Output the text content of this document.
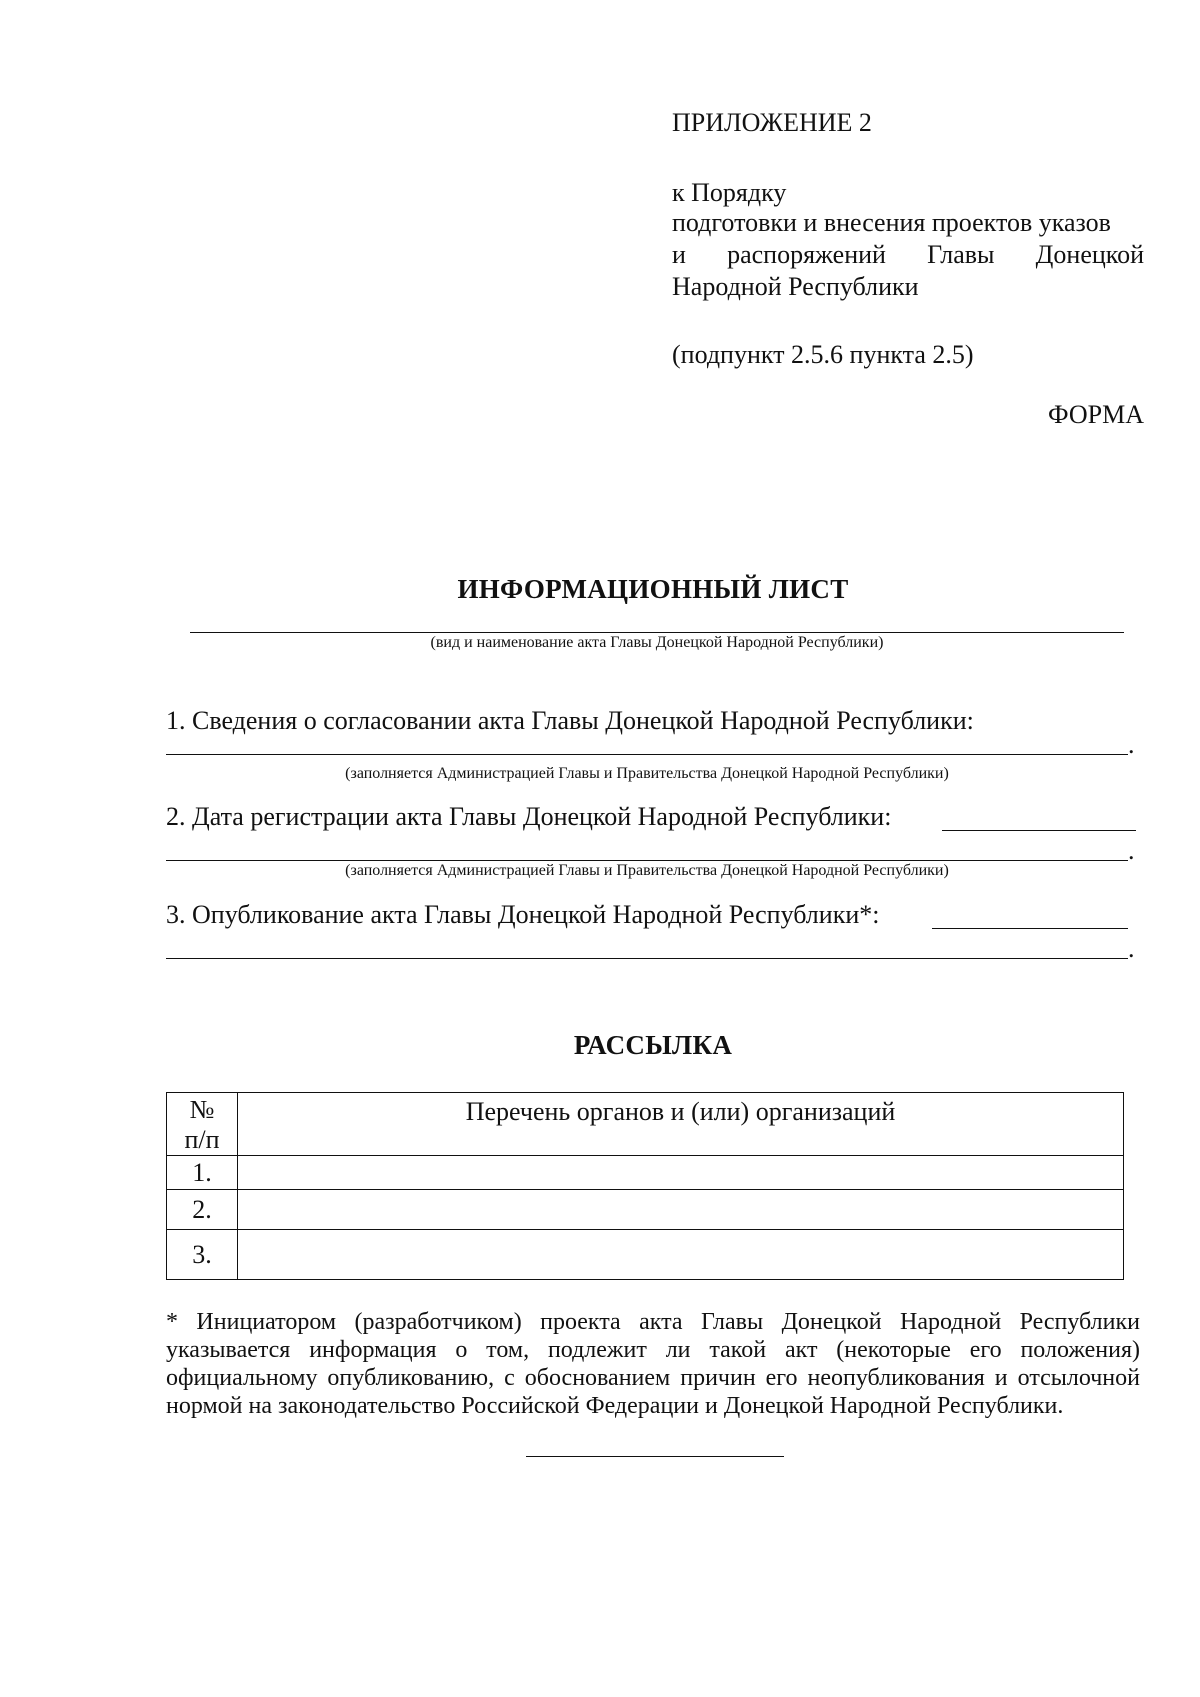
ПРИЛОЖЕНИЕ 2
к Порядку
подготовки и внесения проектов указов
и распоряжений Главы Донецкой
Народной Республики
(подпункт 2.5.6 пункта 2.5)
ФОРМА
ИНФОРМАЦИОННЫЙ ЛИСТ
(вид и наименование акта Главы Донецкой Народной Республики)
1. Сведения о согласовании акта Главы Донецкой Народной Республики:
.
(заполняется Администрацией Главы и Правительства Донецкой Народной Республики)
2. Дата регистрации акта Главы Донецкой Народной Республики:
.
(заполняется Администрацией Главы и Правительства Донецкой Народной Республики)
3. Опубликование акта Главы Донецкой Народной Республики*:
.
РАССЫЛКА
№
п/п	Перечень органов и (или) организаций
1.	
2.	
3.	

* Инициатором (разработчиком) проекта акта Главы Донецкой Народной Республики

указывается информация о том, подлежит ли такой акт (некоторые его положения)

официальному опубликованию, с обоснованием причин его неопубликования и отсылочной

нормой на законодательство Российской Федерации и Донецкой Народной Республики.
